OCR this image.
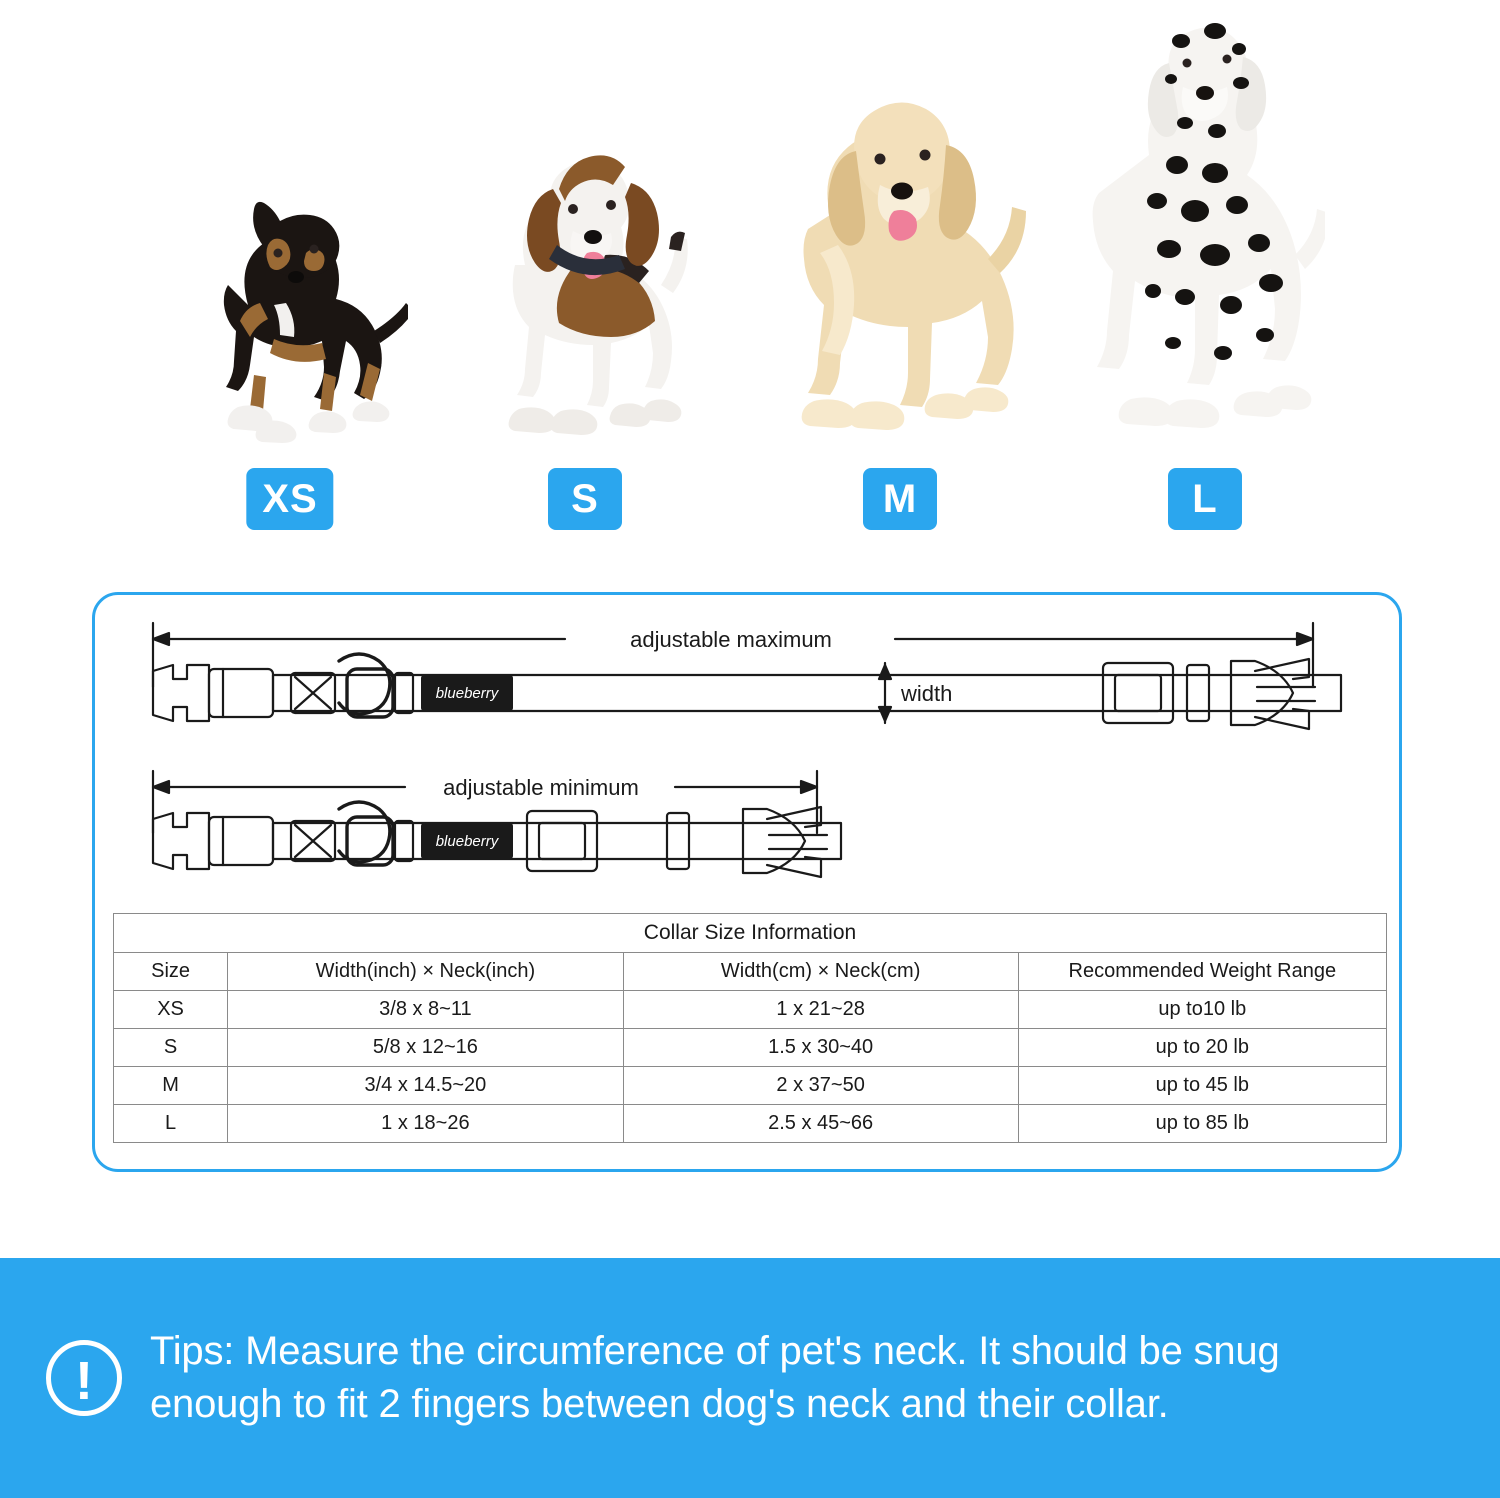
XS	S	M	L
blueberry
blueberry
adjustable maximum
width
adjustable minimum
Collar Size Information			
Size	Width(inch) × Neck(inch)	Width(cm) × Neck(cm)	Recommended Weight Range
XS	3/8 x 8~11	1 x 21~28	up to10 lb
S	5/8 x 12~16	1.5 x 30~40	up to 20 lb
M	3/4 x 14.5~20	2 x 37~50	up to 45 lb
L	1 x 18~26	2.5 x 45~66	up to 85 lb
!
Tips: Measure the circumference of pet's neck. It should be snug
enough to fit 2 fingers between dog's neck and their collar.
